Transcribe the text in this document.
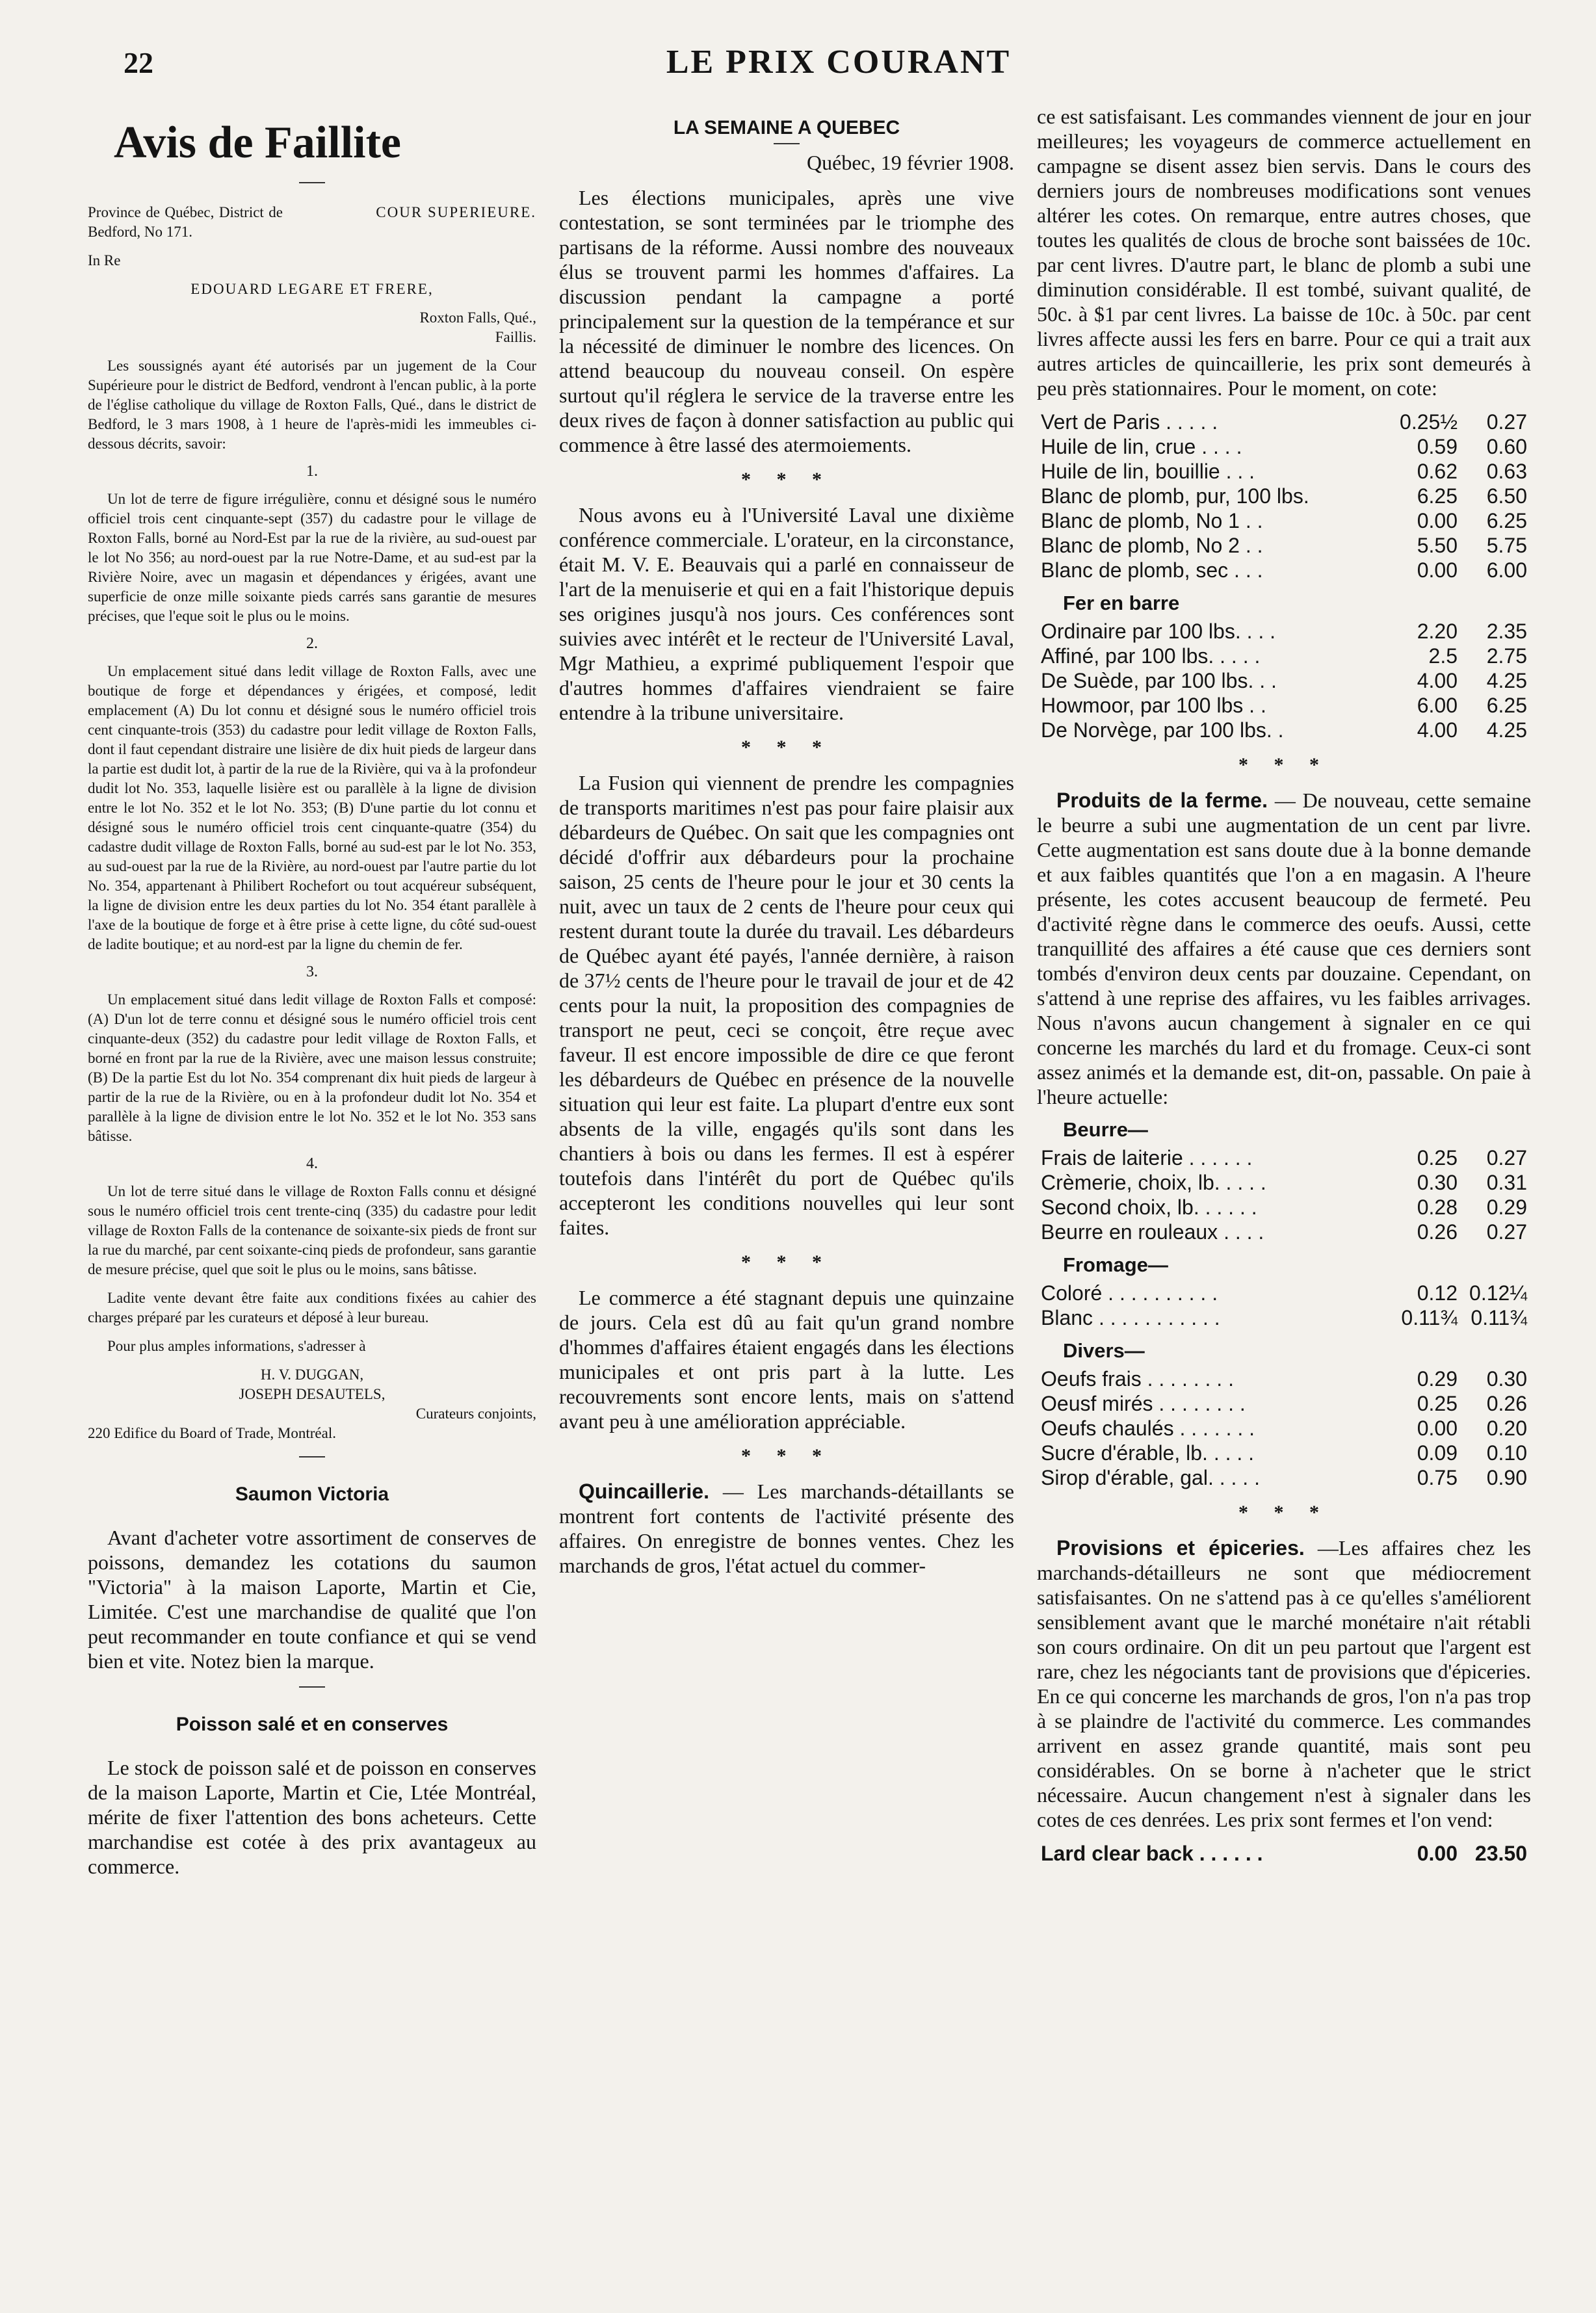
22	LE PRIX COURANT
Avis de Faillite

Province de Québec, District de Bedford, No 171.
COUR SUPERIEURE.

In Re

EDOUARD LEGARE ET FRERE,

Roxton Falls, Qué.,

Faillis.

Les soussignés ayant été autorisés par un jugement de la Cour Supérieure pour le district de Bedford, vendront à l'encan public, à la porte de l'église catholique du village de Roxton Falls, Qué., dans le district de Bedford, le 3 mars 1908, à 1 heure de l'après-midi les immeubles ci-dessous décrits, savoir:

1.

Un lot de terre de figure irrégulière, connu et désigné sous le numéro officiel trois cent cinquante-sept (357) du cadastre pour le village de Roxton Falls, borné au Nord-Est par la rue de la rivière, au sud-ouest par le lot No 356; au nord-ouest par la rue Notre-Dame, et au sud-est par la Rivière Noire, avec un magasin et dépendances y érigées, avant une superficie de onze mille soixante pieds carrés sans garantie de mesures précises, que l'eque soit le plus ou le moins.

2.

Un emplacement situé dans ledit village de Roxton Falls, avec une boutique de forge et dépendances y érigées, et composé, ledit emplacement (A) Du lot connu et désigné sous le numéro officiel trois cent cinquante-trois (353) du cadastre pour ledit village de Roxton Falls, dont il faut cependant distraire une lisière de dix huit pieds de largeur dans la partie est dudit lot, à partir de la rue de la Rivière, qui va à la profondeur dudit lot No. 353, laquelle lisière est ou parallèle à la ligne de division entre le lot No. 352 et le lot No. 353; (B) D'une partie du lot connu et désigné sous le numéro officiel trois cent cinquante-quatre (354) du cadastre dudit village de Roxton Falls, borné au sud-est par le lot No. 353, au sud-ouest par la rue de la Rivière, au nord-ouest par l'autre partie du lot No. 354, appartenant à Philibert Rochefort ou tout acquéreur subséquent, la ligne de division entre les deux parties du lot No. 354 étant parallèle à l'axe de la boutique de forge et à être prise à cette ligne, du côté sud-ouest de ladite boutique; et au nord-est par la ligne du chemin de fer.

3.

Un emplacement situé dans ledit village de Roxton Falls et composé: (A) D'un lot de terre connu et désigné sous le numéro officiel trois cent cinquante-deux (352) du cadastre pour ledit village de Roxton Falls, et borné en front par la rue de la Rivière, avec une maison lessus construite; (B) De la partie Est du lot No. 354 comprenant dix huit pieds de largeur à partir de la rue de la Rivière, ou en à la profondeur dudit lot No. 354 et parallèle à la ligne de division entre le lot No. 352 et le lot No. 353 sans bâtisse.

4.

Un lot de terre situé dans le village de Roxton Falls connu et désigné sous le numéro officiel trois cent trente-cinq (335) du cadastre pour ledit village de Roxton Falls de la contenance de soixante-six pieds de front sur la rue du marché, par cent soixante-cinq pieds de profondeur, sans garantie de mesure précise, quel que soit le plus ou le moins, sans bâtisse.

Ladite vente devant être faite aux conditions fixées au cahier des charges préparé par les curateurs et déposé à leur bureau.

Pour plus amples informations, s'adresser à

H. V. DUGGAN,

JOSEPH DESAUTELS,

Curateurs conjoints,

220 Edifice du Board of Trade, Montréal.

Saumon Victoria

Avant d'acheter votre assortiment de conserves de poissons, demandez les cotations du saumon "Victoria" à la maison Laporte, Martin et Cie, Limitée. C'est une marchandise de qualité que l'on peut recommander en toute confiance et qui se vend bien et vite. Notez bien la marque.

Poisson salé et en conserves

Le stock de poisson salé et de poisson en conserves de la maison Laporte, Martin et Cie, Ltée Montréal, mérite de fixer l'attention des bons acheteurs. Cette marchandise est cotée à des prix avantageux au commerce.

LA SEMAINE A QUEBEC
Québec, 19 février 1908.

Les élections municipales, après une vive contestation, se sont terminées par le triomphe des partisans de la réforme. Aussi nombre des nouveaux élus se trouvent parmi les hommes d'affaires. La discussion pendant la campagne a porté principalement sur la question de la tempérance et sur la nécessité de diminuer le nombre des licences. On attend beaucoup du nouveau conseil. On espère surtout qu'il réglera le service de la traverse entre les deux rives de façon à donner satisfaction au public qui commence à être lassé des atermoiements.

* * *

Nous avons eu à l'Université Laval une dixième conférence commerciale. L'orateur, en la circonstance, était M. V. E. Beauvais qui a parlé en connaisseur de l'art de la menuiserie et qui en a fait l'historique depuis ses origines jusqu'à nos jours. Ces conférences sont suivies avec intérêt et le recteur de l'Université Laval, Mgr Mathieu, a exprimé publiquement l'espoir que d'autres hommes d'affaires viendraient se faire entendre à la tribune universitaire.

* * *

La Fusion qui viennent de prendre les compagnies de transports maritimes n'est pas pour faire plaisir aux débardeurs de Québec. On sait que les compagnies ont décidé d'offrir aux débardeurs pour la prochaine saison, 25 cents de l'heure pour le jour et 30 cents la nuit, avec un taux de 2 cents de l'heure pour ceux qui restent durant toute la durée du travail. Les débardeurs de Québec ayant été payés, l'année dernière, à raison de 37½ cents de l'heure pour le travail de jour et de 42 cents pour la nuit, la proposition des compagnies de transport ne peut, ceci se conçoit, être reçue avec faveur. Il est encore impossible de dire ce que feront les débardeurs de Québec en présence de la nouvelle situation qui leur est faite. La plupart d'entre eux sont absents de la ville, engagés qu'ils sont dans les chantiers à bois ou dans les fermes. Il est à espérer toutefois dans l'intérêt du port de Québec qu'ils accepteront les conditions nouvelles qui leur sont faites.

* * *

Le commerce a été stagnant depuis une quinzaine de jours. Cela est dû au fait qu'un grand nombre d'hommes d'affaires étaient engagés dans les élections municipales et ont pris part à la lutte. Les recouvrements sont encore lents, mais on s'attend avant peu à une amélioration appréciable.

* * *

Quincaillerie. — Les marchands-détaillants se montrent fort contents de l'activité présente des affaires. On enregistre de bonnes ventes. Chez les marchands de gros, l'état actuel du commer-

ce est satisfaisant. Les commandes viennent de jour en jour meilleures; les voyageurs de commerce actuellement en campagne se disent assez bien servis. Dans le cours des derniers jours de nombreuses modifications sont venues altérer les cotes. On remarque, entre autres choses, que toutes les qualités de clous de broche sont baissées de 10c. par cent livres. D'autre part, le blanc de plomb a subi une diminution considérable. Il est tombé, suivant qualité, de 50c. à $1 par cent livres. La baisse de 10c. à 50c. par cent livres affecte aussi les fers en barre. Pour ce qui a trait aux autres articles de quincaillerie, les prix sont demeurés à peu près stationnaires. Pour le moment, on cote:

Vert de Paris . . . . .	0.25½	0.27
Huile de lin, crue . . . .	0.59	0.60
Huile de lin, bouillie . . .	0.62	0.63
Blanc de plomb, pur, 100 lbs.	6.25	6.50
Blanc de plomb, No 1 . .	0.00	6.25
Blanc de plomb, No 2 . .	5.50	5.75
Blanc de plomb, sec . . .	0.00	6.00
Fer en barre
Ordinaire par 100 lbs. . . .	2.20	2.35
Affiné, par 100 lbs. . . . .	2.5	2.75
De Suède, par 100 lbs. . .	4.00	4.25
Howmoor, par 100 lbs . .	6.00	6.25
De Norvège, par 100 lbs. .	4.00	4.25
* * *

Produits de la ferme. — De nouveau, cette semaine le beurre a subi une augmentation de un cent par livre. Cette augmentation est sans doute due à la bonne demande et aux faibles quantités que l'on a en magasin. A l'heure présente, les cotes accusent beaucoup de fermeté. Peu d'activité règne dans le commerce des oeufs. Aussi, cette tranquillité des affaires a été cause que ces derniers sont tombés d'environ deux cents par douzaine. Cependant, on s'attend à une reprise des affaires, vu les faibles arrivages. Nous n'avons aucun changement à signaler en ce qui concerne les marchés du lard et du fromage. Ceux-ci sont assez animés et la demande est, dit-on, passable. On paie à l'heure actuelle:

Beurre—
Frais de laiterie . . . . . .	0.25	0.27
Crèmerie, choix, lb. . . . .	0.30	0.31
Second choix, lb. . . . . .	0.28	0.29
Beurre en rouleaux . . . .	0.26	0.27
Fromage—
Coloré . . . . . . . . . .	0.12	0.12¼
Blanc . . . . . . . . . . .	0.11¾	0.11¾
Divers—
Oeufs frais . . . . . . . .	0.29	0.30
Oeusf mirés . . . . . . . .	0.25	0.26
Oeufs chaulés . . . . . . .	0.00	0.20
Sucre d'érable, lb. . . . .	0.09	0.10
Sirop d'érable, gal. . . . .	0.75	0.90
* * *

Provisions et épiceries. —Les affaires chez les marchands-détailleurs ne sont que médiocrement satisfaisantes. On ne s'attend pas à ce qu'elles s'améliorent sensiblement avant que le marché monétaire n'ait rétabli son cours ordinaire. On dit un peu partout que l'argent est rare, chez les négociants tant de provisions que d'épiceries. En ce qui concerne les marchands de gros, l'on n'a pas trop à se plaindre de l'activité du commerce. Les commandes arrivent en assez grande quantité, mais sont peu considérables. On se borne à n'acheter que le strict nécessaire. Aucun changement n'est à signaler dans les cotes de ces denrées. Les prix sont fermes et l'on vend:

Lard clear back . . . . . .	0.00	23.50
